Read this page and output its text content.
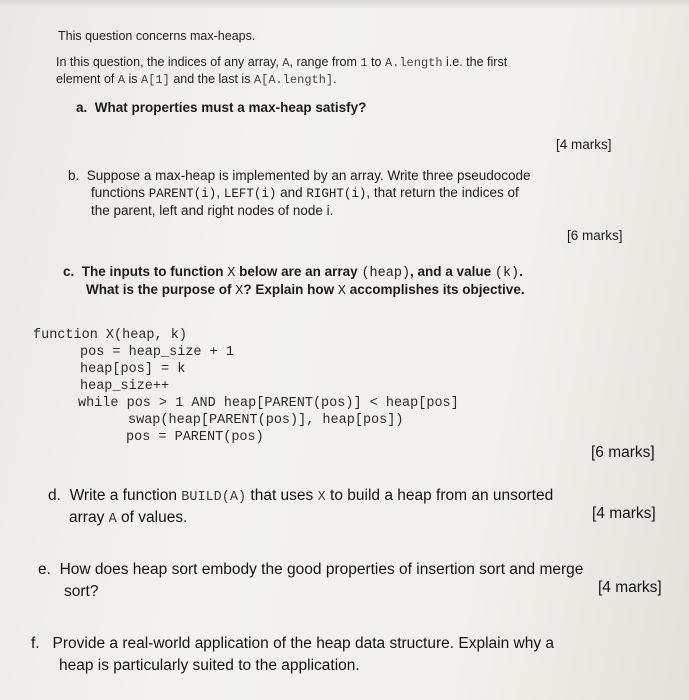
This question concerns max-heaps.
In this question, the indices of any array, A, range from 1 to A.length i.e. the first
element of A is A[1] and the last is A[A.length].
a. What properties must a max-heap satisfy?
[4 marks]
b. Suppose a max-heap is implemented by an array. Write three pseudocode
functions PARENT(i), LEFT(i) and RIGHT(i), that return the indices of
the parent, left and right nodes of node i.
[6 marks]
c. The inputs to function X below are an array (heap), and a value (k).
What is the purpose of X? Explain how X accomplishes its objective.
function X(heap, k)
pos = heap_size + 1
heap[pos] = k
heap_size++
while pos > 1 AND heap[PARENT(pos)] < heap[pos]
swap(heap[PARENT(pos)], heap[pos])
pos = PARENT(pos)
[6 marks]
d. Write a function BUILD(A) that uses X to build a heap from an unsorted
array A of values.	[4 marks]
e. How does heap sort embody the good properties of insertion sort and merge
sort?	[4 marks]
f. Provide a real-world application of the heap data structure. Explain why a
heap is particularly suited to the application.
